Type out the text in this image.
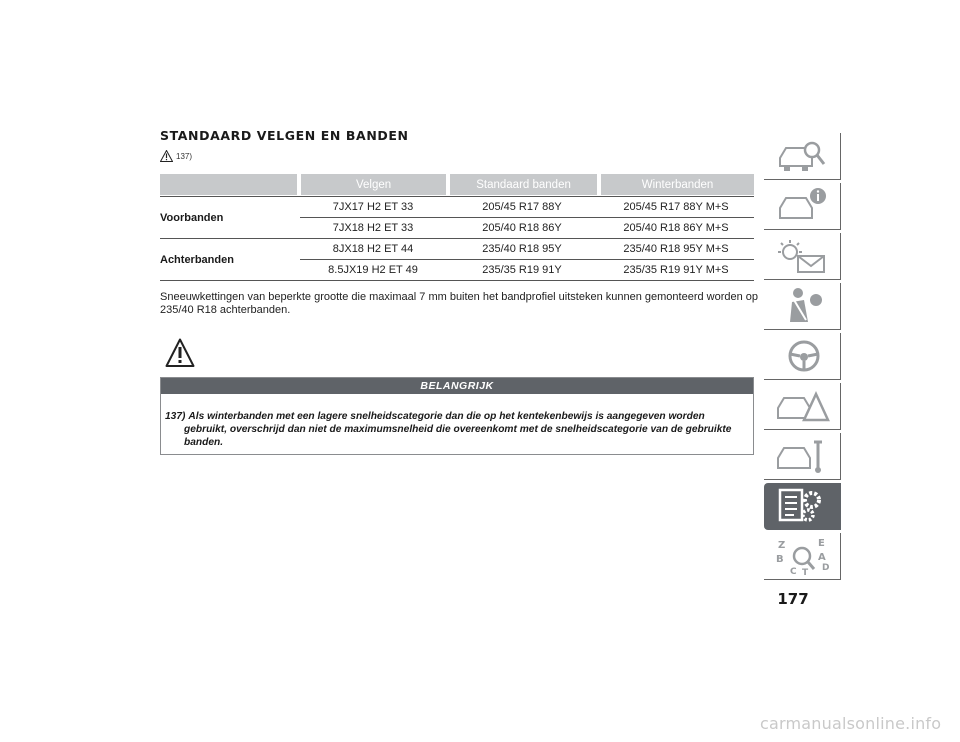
STANDAARD VELGEN EN BANDEN
137)
Velgen	Standaard banden	Winterbanden
Voorbanden
7JX17 H2 ET 33	205/45 R17 88Y	205/45 R17 88Y M+S
7JX18 H2 ET 33	205/40 R18 86Y	205/40 R18 86Y M+S
Achterbanden
8JX18 H2 ET 44	235/40 R18 95Y	235/40 R18 95Y M+S
8.5JX19 H2 ET 49	235/35 R19 91Y	235/35 R19 91Y M+S
Sneeuwkettingen van beperkte grootte die maximaal 7 mm buiten het bandprofiel uitsteken kunnen gemonteerd worden op 235/40 R18 achterbanden.
BELANGRIJK
137) Als winterbanden met een lagere snelheidscategorie dan die op het kentekenbewijs is aangegeven worden gebruikt, overschrijd dan niet de maximumsnelheid die overeenkomt met de snelheidscategorie van de gebruikte banden.
Z
B
E
A
D
C T
177
carmanualsonline.info
